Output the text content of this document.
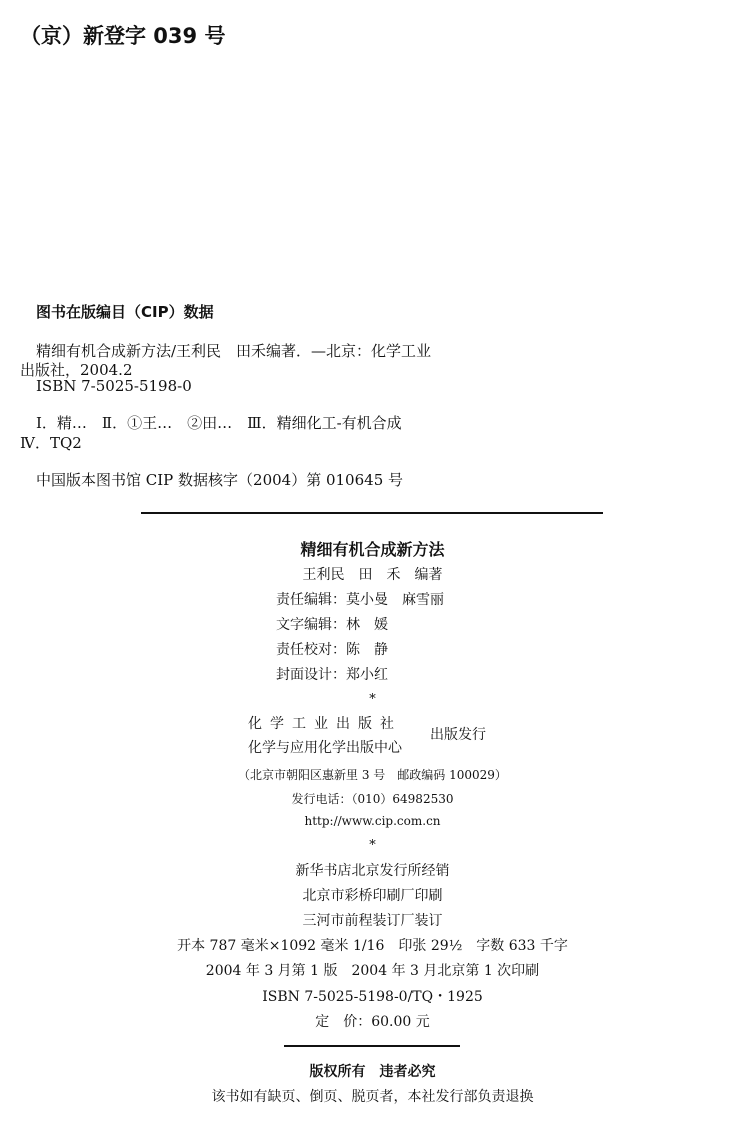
（京）新登字 039 号
图书在版编目（CIP）数据
精细有机合成新方法/王利民　田禾编著．—北京：化学工业
出版社，2004.2
ISBN 7-5025-5198-0
Ⅰ．精…　Ⅱ．①王…　②田…　Ⅲ．精细化工-有机合成
Ⅳ．TQ2
中国版本图书馆 CIP 数据核字（2004）第 010645 号
精细有机合成新方法
王利民　田　禾　编著
责任编辑：莫小曼　麻雪丽
文字编辑：林　媛
责任校对：陈　静
封面设计：郑小红
*
化学工业出版社
化学与应用化学出版中心
出版发行
（北京市朝阳区惠新里 3 号　邮政编码 100029）
发行电话：（010）64982530
http://www.cip.com.cn
*
新华书店北京发行所经销
北京市彩桥印刷厂印刷
三河市前程装订厂装订
开本 787 毫米×1092 毫米 1/16　印张 29½　字数 633 千字
2004 年 3 月第 1 版　2004 年 3 月北京第 1 次印刷
ISBN 7-5025-5198-0/TQ・1925
定　价：60.00 元
版权所有　违者必究
该书如有缺页、倒页、脱页者，本社发行部负责退换
